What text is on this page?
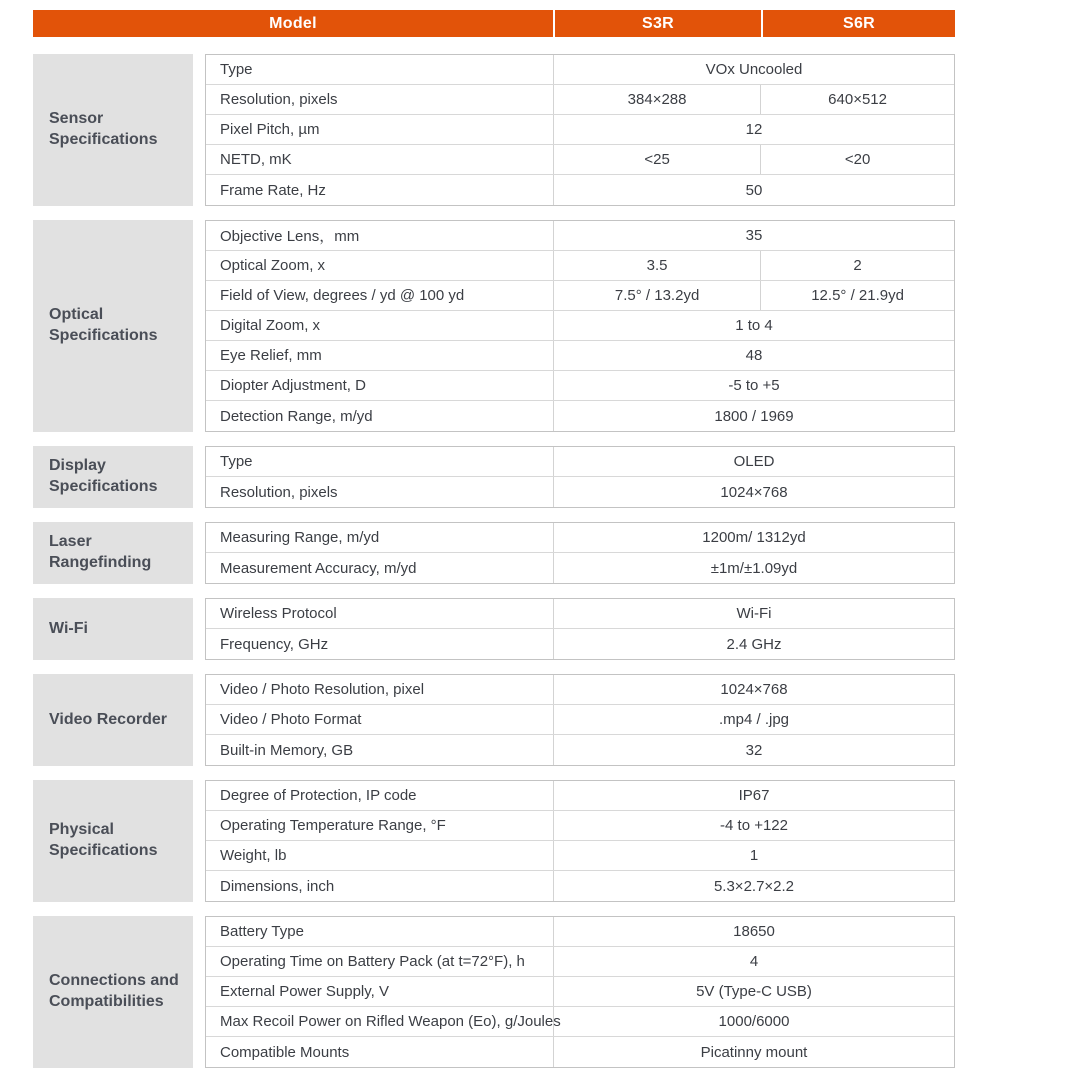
Model	S3R	S6R
Sensor Specifications
Type	VOx Uncooled
Resolution, pixels	384×288	640×512
Pixel Pitch, µm	12
NETD, mK	<25	<20
Frame Rate, Hz	50
Optical Specifications
Objective Lens，mm	35
Optical Zoom, x	3.5	2
Field of View, degrees / yd @ 100 yd	7.5° / 13.2yd	12.5° / 21.9yd
Digital Zoom, x	1 to 4
Eye Relief, mm	48
Diopter Adjustment, D	-5 to +5
Detection Range, m/yd	1800 / 1969
Display Specifications
Type	OLED
Resolution, pixels	1024×768
Laser Rangefinding
Measuring Range, m/yd	1200m/ 1312yd
Measurement Accuracy, m/yd	±1m/±1.09yd
Wi-Fi
Wireless Protocol	Wi-Fi
Frequency, GHz	2.4 GHz
Video Recorder
Video / Photo Resolution, pixel	1024×768
Video / Photo Format	.mp4 / .jpg
Built-in Memory, GB	32
Physical Specifications
Degree of Protection, IP code	IP67
Operating Temperature Range, °F	-4 to +122
Weight, lb	1
Dimensions, inch	5.3×2.7×2.2
Connections and Compatibilities
Battery Type	18650
Operating Time on Battery Pack (at t=72°F), h	4
External Power Supply, V	5V (Type-C USB)
Max Recoil Power on Rifled Weapon (Eo), g/Joules	1000/6000
Compatible Mounts	Picatinny mount
